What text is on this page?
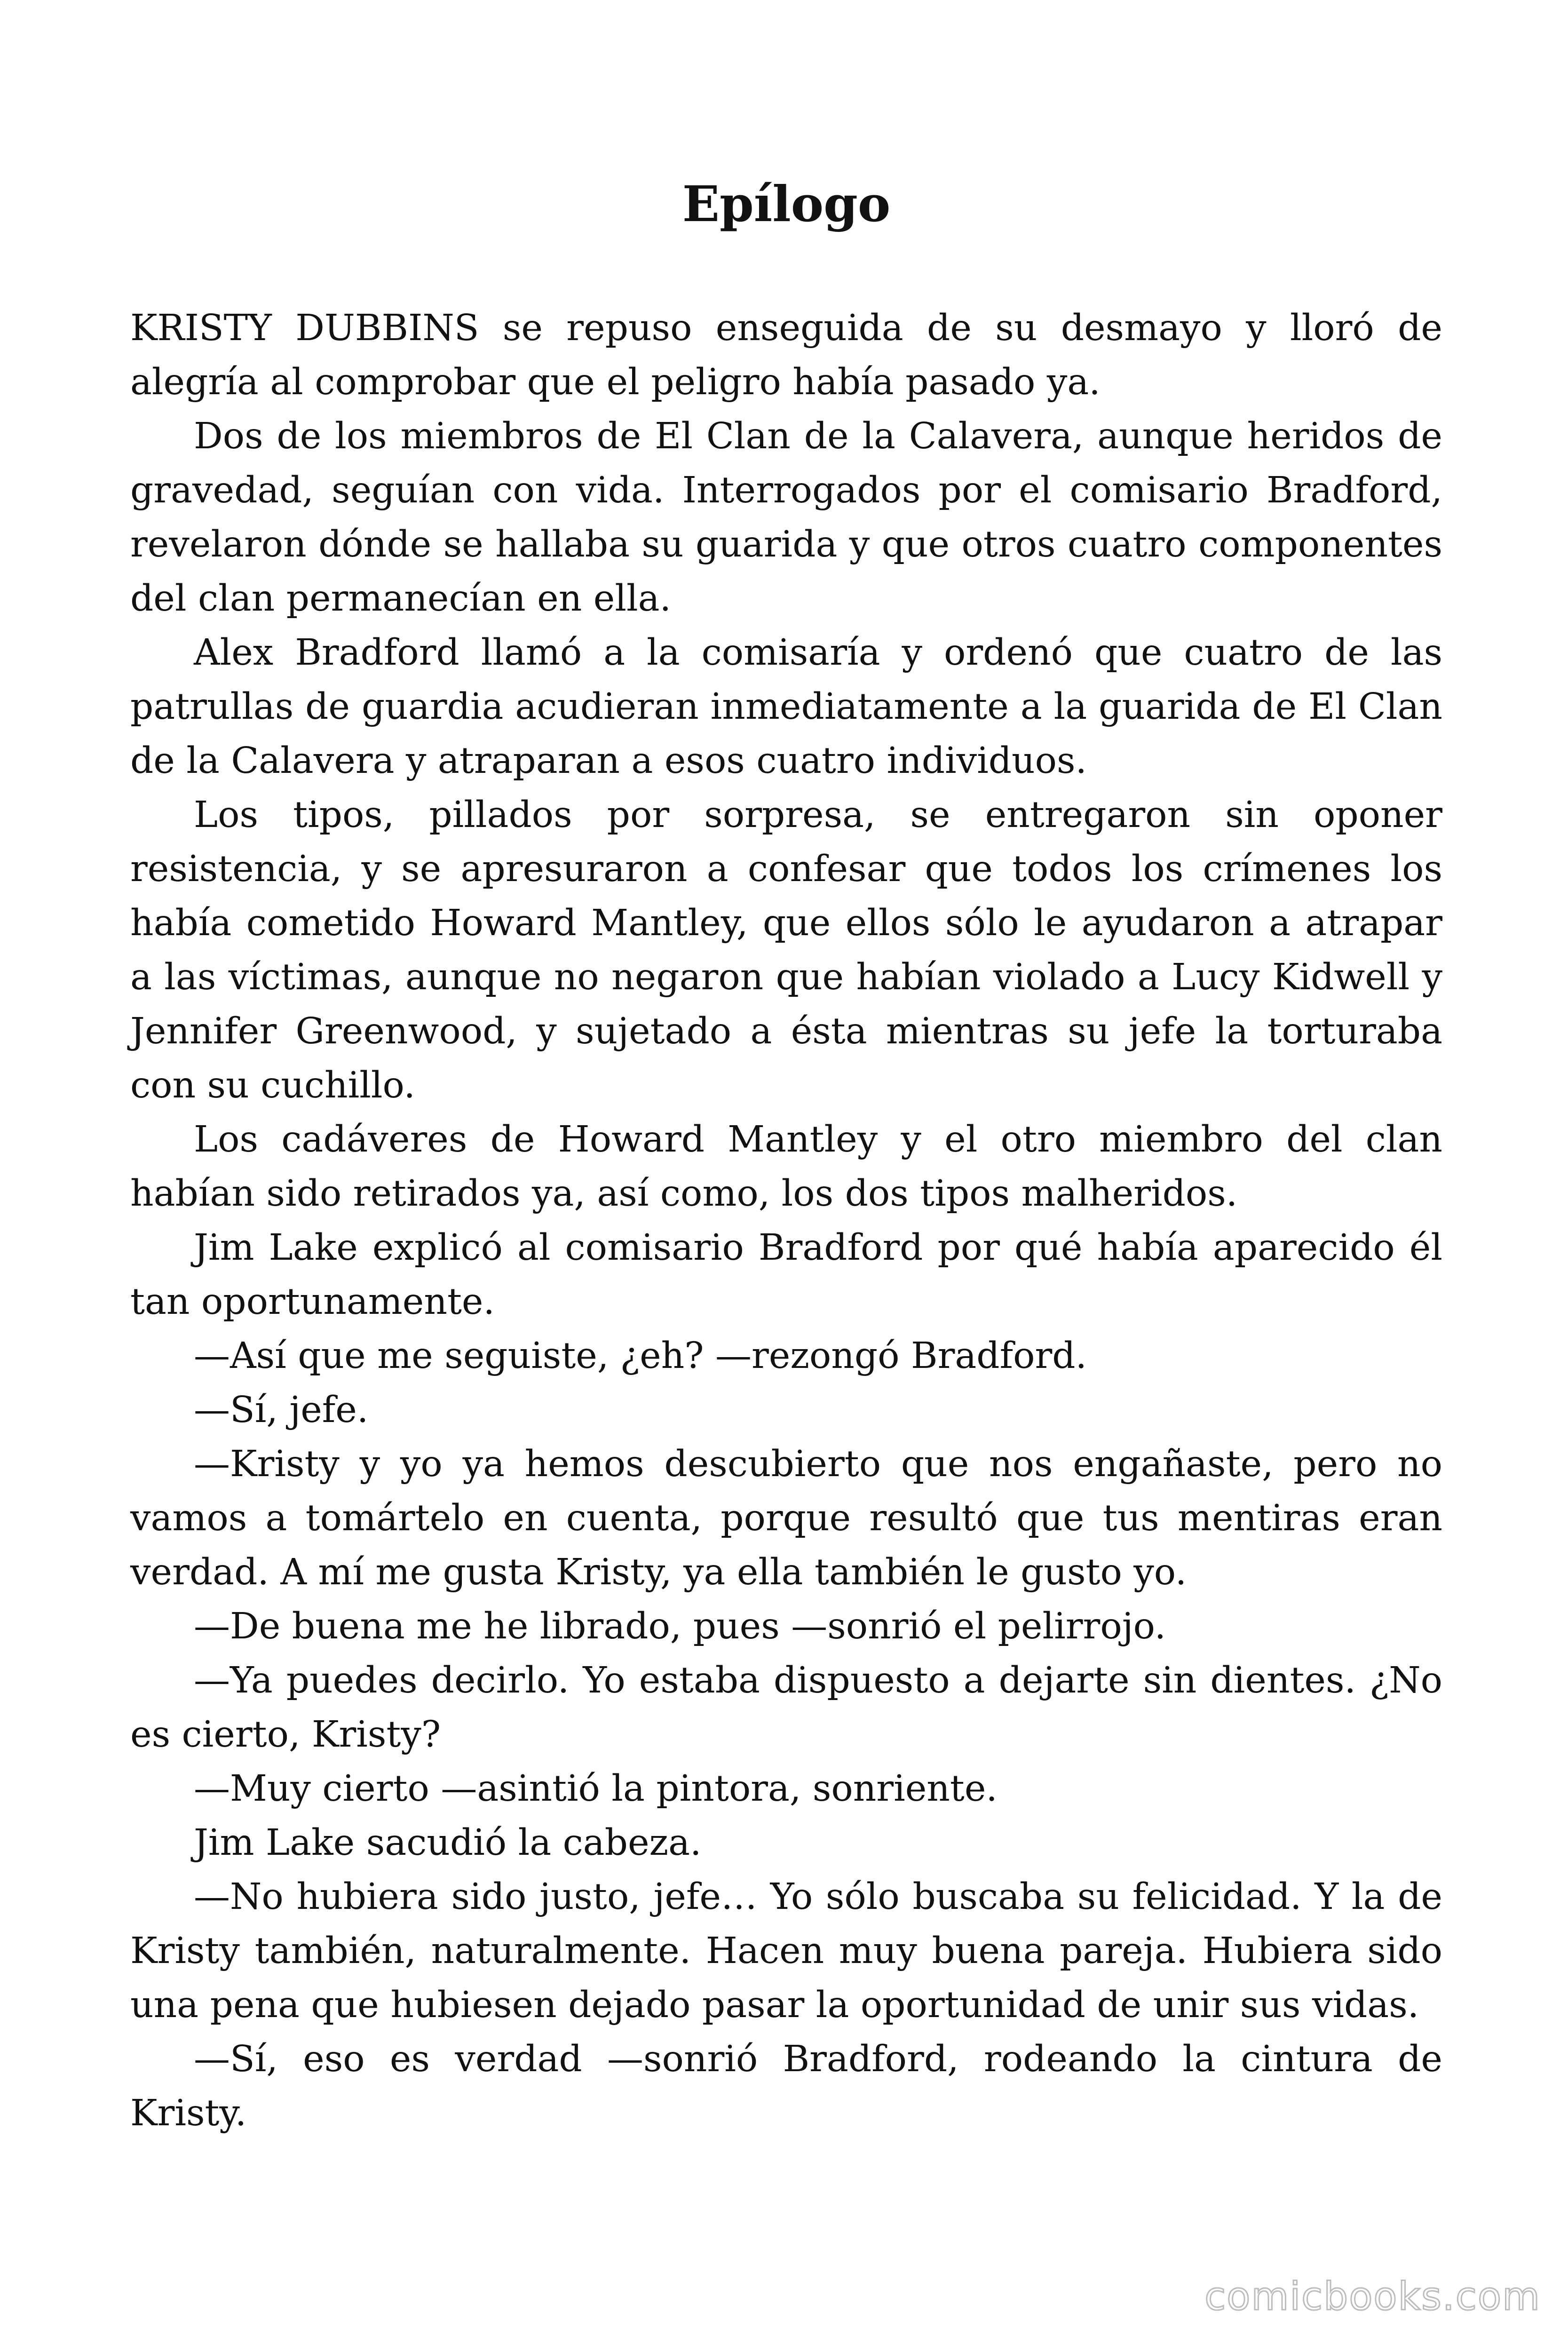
Epílogo

KRISTY DUBBINS se repuso enseguida de su desmayo y lloró de alegría al comprobar que el peligro había pasado ya.

Dos de los miembros de El Clan de la Calavera, aunque heridos de gravedad, seguían con vida. Interrogados por el comisario Bradford, revelaron dónde se hallaba su guarida y que otros cuatro componentes del clan permanecían en ella.

Alex Bradford llamó a la comisaría y ordenó que cuatro de las patrullas de guardia acudieran inmediatamente a la guarida de El Clan de la Calavera y atraparan a esos cuatro individuos.

Los tipos, pillados por sorpresa, se entregaron sin oponer resistencia, y se apresuraron a confesar que todos los crímenes los había cometido Howard Mantley, que ellos sólo le ayudaron a atrapar a las víctimas, aunque no negaron que habían violado a Lucy Kidwell y Jennifer Greenwood, y sujetado a ésta mientras su jefe la torturaba con su cuchillo.

Los cadáveres de Howard Mantley y el otro miembro del clan habían sido retirados ya, así como, los dos tipos malheridos.

Jim Lake explicó al comisario Bradford por qué había aparecido él tan oportunamente.

—Así que me seguiste, ¿eh? —rezongó Bradford.

—Sí, jefe.

—Kristy y yo ya hemos descubierto que nos engañaste, pero no vamos a tomártelo en cuenta, porque resultó que tus mentiras eran verdad. A mí me gusta Kristy, ya ella también le gusto yo.

—De buena me he librado, pues —sonrió el pelirrojo.

—Ya puedes decirlo. Yo estaba dispuesto a dejarte sin dientes. ¿No es cierto, Kristy?

—Muy cierto —asintió la pintora, sonriente.

Jim Lake sacudió la cabeza.

—No hubiera sido justo, jefe… Yo sólo buscaba su felicidad. Y la de Kristy también, naturalmente. Hacen muy buena pareja. Hubiera sido una pena que hubiesen dejado pasar la oportunidad de unir sus vidas.

—Sí, eso es verdad —sonrió Bradford, rodeando la cintura de Kristy.

comicbooks.com
